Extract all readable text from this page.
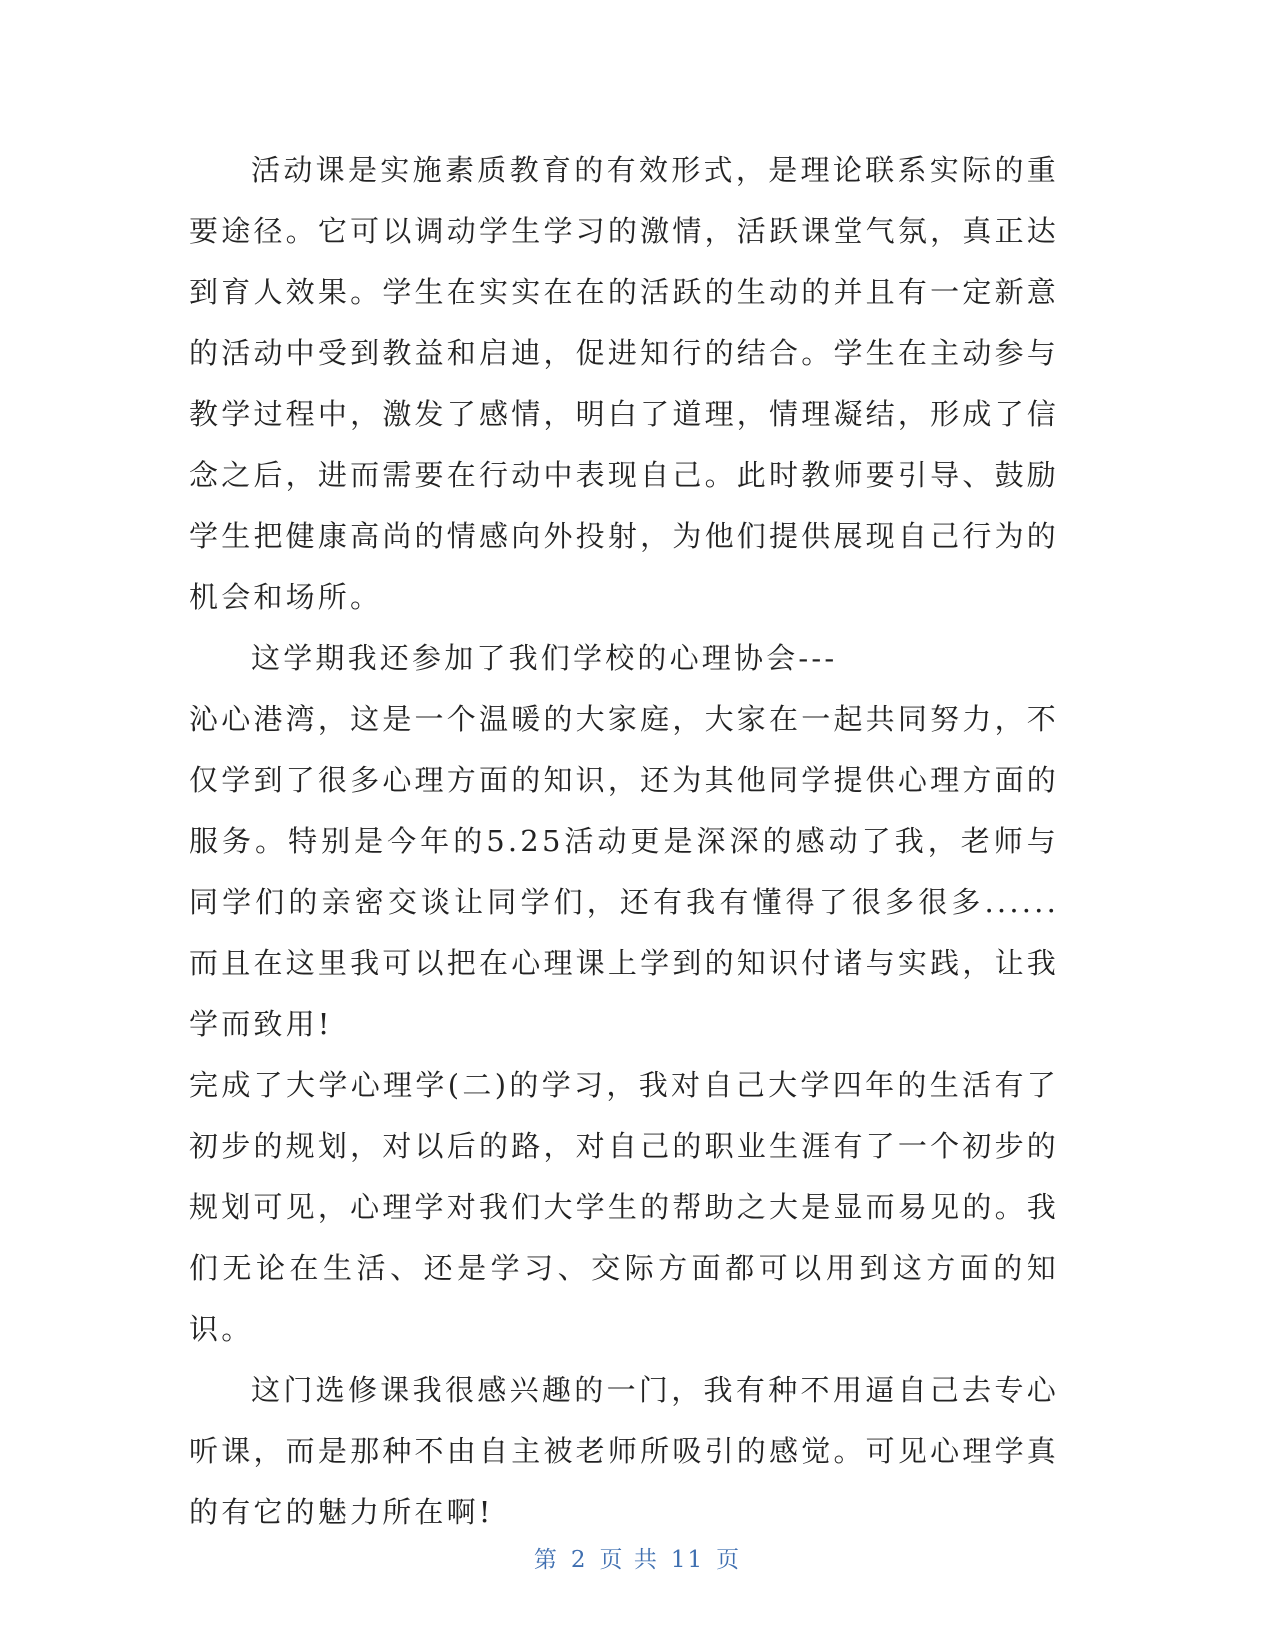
活动课是实施素质教育的有效形式，是理论联系实际的重要途径。它可以调动学生学习的激情，活跃课堂气氛，真正达到育人效果。学生在实实在在的活跃的生动的并且有一定新意的活动中受到教益和启迪，促进知行的结合。学生在主动参与教学过程中，激发了感情，明白了道理，情理凝结，形成了信念之后，进而需要在行动中表现自己。此时教师要引导、鼓励学生把健康高尚的情感向外投射，为他们提供展现自己行为的机会和场所。

这学期我还参加了我们学校的心理协会---

沁心港湾，这是一个温暖的大家庭，大家在一起共同努力，不仅学到了很多心理方面的知识，还为其他同学提供心理方面的服务。特别是今年的5.25活动更是深深的感动了我，老师与同学们的亲密交谈让同学们，还有我有懂得了很多很多......而且在这里我可以把在心理课上学到的知识付诸与实践，让我学而致用!

完成了大学心理学(二)的学习，我对自己大学四年的生活有了初步的规划，对以后的路，对自己的职业生涯有了一个初步的规划可见，心理学对我们大学生的帮助之大是显而易见的。我们无论在生活、还是学习、交际方面都可以用到这方面的知识。

这门选修课我很感兴趣的一门，我有种不用逼自己去专心听课，而是那种不由自主被老师所吸引的感觉。可见心理学真的有它的魅力所在啊!

第 2 页 共 11 页
